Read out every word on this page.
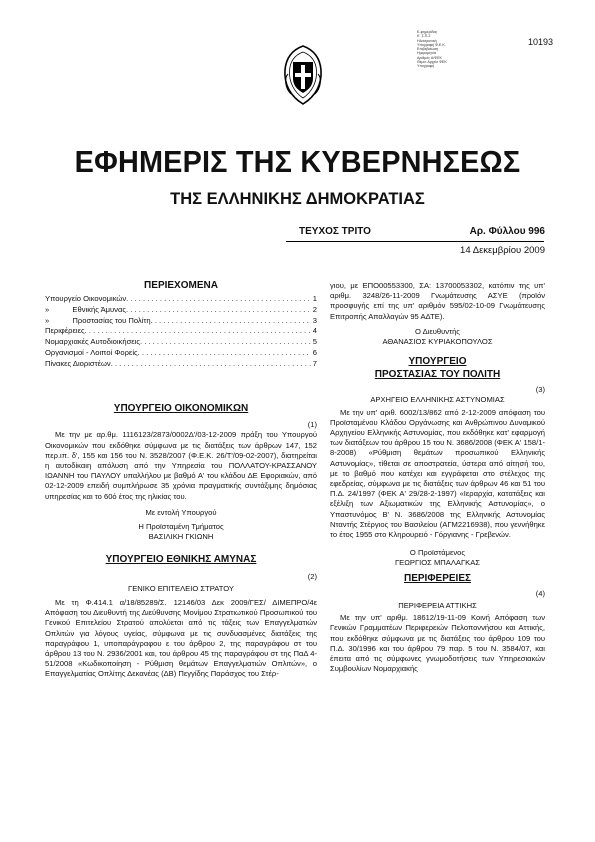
Ε-φημερίδας
Κ΄ Σ.Π.Σ
Ηλεκτρονική
Υπογραφή Φ.Ε.Κ.
Επιβεβαίωση
Ημερομηνία
Αριθμός Α/ΦΕΚ
Θέμα: Αρχείο ΦΕΚ
Υπογραφή
10193
ΕΦΗΜΕΡΙΣ ΤΗΣ ΚΥΒΕΡΝΗΣΕΩΣ
ΤΗΣ ΕΛΛΗΝΙΚΗΣ ΔΗΜΟΚΡΑΤΙΑΣ
ΤΕΥΧΟΣ ΤΡΙΤΟ	Αρ. Φύλλου 996
14 Δεκεμβρίου 2009
ΠΕΡΙΕΧΟΜΕΝΑ
Υπουργείο Οικονομικών . . .	1
»           Εθνικής Άμυνας . . .	2
»           Προστασίας του Πολίτη . . .	3
Περιφέρειες . . .	4
Νομαρχιακές Αυτοδιοικήσεις . . .	5
Οργανισμοί - Λοιποί Φορείς . . .	6
Πίνακες Διοριστέων . . .	7
ΥΠΟΥΡΓΕΙΟ ΟΙΚΟΝΟΜΙΚΩΝ
(1)

Με την με αρ.θμ. 1116123/2873/0002Δ'/03-12-2009 πράξη του Υπουργού Οικονομικών που εκδόθηκε σύμφωνα με τις διατάξεις των άρθρων 147, 152 περ.ιπ. δ', 155 και 156 του Ν. 3528/2007 (Φ.Ε.Κ. 26/Τ'/09-02-2007), διατηρείται η αυτοδίκαιη απόλυση από την Υπηρεσία του ΠΟΛΛΑΤΟΥ-ΚΡΑΣΣΑΝΟΥ ΙΩΑΝΝΗ του ΠΑΥΛΟΥ υπαλλήλου με βαθμό Α' του κλάδου ΔΕ Εφοριακών, από 02-12-2009 επειδή συμπλήρωσε 35 χρόνια πραγματικής συντάξιμης δημόσιας υπηρεσίας και το 60ό έτος της ηλικίας του.

Με εντολή Υπουργού
Η Προϊσταμένη Τμήματος
ΒΑΣΙΛΙΚΗ ΓΚΙΩΝΗ
ΥΠΟΥΡΓΕΙΟ ΕΘΝΙΚΗΣ ΑΜΥΝΑΣ
(2)
ΓΕΝΙΚΟ ΕΠΙΤΕΛΕΙΟ ΣΤΡΑΤΟΥ

Με τη Φ.414.1 α/18/85289/Σ. 12146/03 Δεκ 2009/ΓΕΣ/ ΔΙΜΕΠΡΟ/4ε Απόφαση του Διευθυντή της Διεύθυνσης Μονίμου Στρατιωτικού Προσωπικού του Γενικού Επιτελείου Στρατού απολύεται από τις τάξεις των Επαγγελματιών Οπλιτών για λόγους υγείας, σύμφωνα με τις συνδυασμένες διατάξεις της παραγράφου 1, υποπαράγραφου ε του άρθρου 2, της παραγράφου στ του άρθρου 13 του Ν. 2936/2001 και, του άρθρου 45 της παραγράφου στ της ΠαΔ 4-51/2008 «Κωδικοποίηση - Ρύθμιση θεμάτων Επαγγελματιών Οπλιτών», ο Επαγγελματίας Οπλίτης Δεκανέας (ΔΒ) Πεγγίδης Παράσχος του Στέρ-

γιου, με ΕΠΟ00553300, ΣΑ: 13700053302, κατόπιν της υπ' αριθμ. 3248/26-11-2009 Γνωμάτευσης ΑΣΥΕ (προϊόν προσφυγής επί της υπ' αριθμόν 595/02-10-09 Γνωμάτευσης Επιτροπής Απαλλαγών 95 ΑΔΤΕ).

Ο Διευθυντής
ΑΘΑΝΑΣΙΟΣ ΚΥΡΙΑΚΟΠΟΥΛΟΣ
ΥΠΟΥΡΓΕΙΟ
ΠΡΟΣΤΑΣΙΑΣ ΤΟΥ ΠΟΛΙΤΗ
(3)
ΑΡΧΗΓΕΙΟ ΕΛΛΗΝΙΚΗΣ ΑΣΤΥΝΟΜΙΑΣ

Με την υπ' αριθ. 6002/13/862 από 2-12-2009 απόφαση του Προϊσταμένου Κλάδου Οργάνωσης και Ανθρώπινου Δυναμικού Αρχηγείου Ελληνικής Αστυνομίας, που εκδόθηκε κατ' εφαρμογή των διατάξεων του άρθρου 15 του Ν. 3686/2008 (ΦΕΚ Α' 158/1-8-2008) «Ρύθμιση θεμάτων προσωπικού Ελληνικής Αστυνομίας», τίθεται σε αποστρατεία, ύστερα από αίτησή του, με το βαθμό που κατέχει και εγγράφεται στο στέλεχος της εφεδρείας, σύμφωνα με τις διατάξεις των άρθρων 46 και 51 του Π.Δ. 24/1997 (ΦΕΚ Α' 29/28-2-1997) «Ιεραρχία, κατατάξεις και εξέλιξη των Αξιωματικών της Ελληνικής Αστυνομίας», ο Υπαστυνόμος Β' Ν. 3686/2008 της Ελληνικής Αστυνομίας Νταντής Στέργιος του Βασιλείου (ΑΓΜ2216938), που γεννήθηκε το έτος 1955 στο Κληρουρειό - Γόργιανης - Γρεβενών.

Ο Προϊστάμενος
ΓΕΩΡΓΙΟΣ ΜΠΑΛΑΓΚΑΣ
ΠΕΡΙΦΕΡΕΙΕΣ
(4)
ΠΕΡΙΦΕΡΕΙΑ ΑΤΤΙΚΗΣ

Με την υπ' αριθμ. 18612/19-11-09 Κοινή Απόφαση των Γενικών Γραμματέων Περιφερειών Πελοποννήσου και Αττικής, που εκδόθηκε σύμφωνα με τις διατάξεις του άρθρου 109 του Π.Δ. 30/1996 και του άρθρου 79 παρ. 5 του Ν. 3584/07, και έπειτα από τις σύμφωνες γνωμοδοτήσεις των Υπηρεσιακών Συμβουλίων Νομαρχιακής
